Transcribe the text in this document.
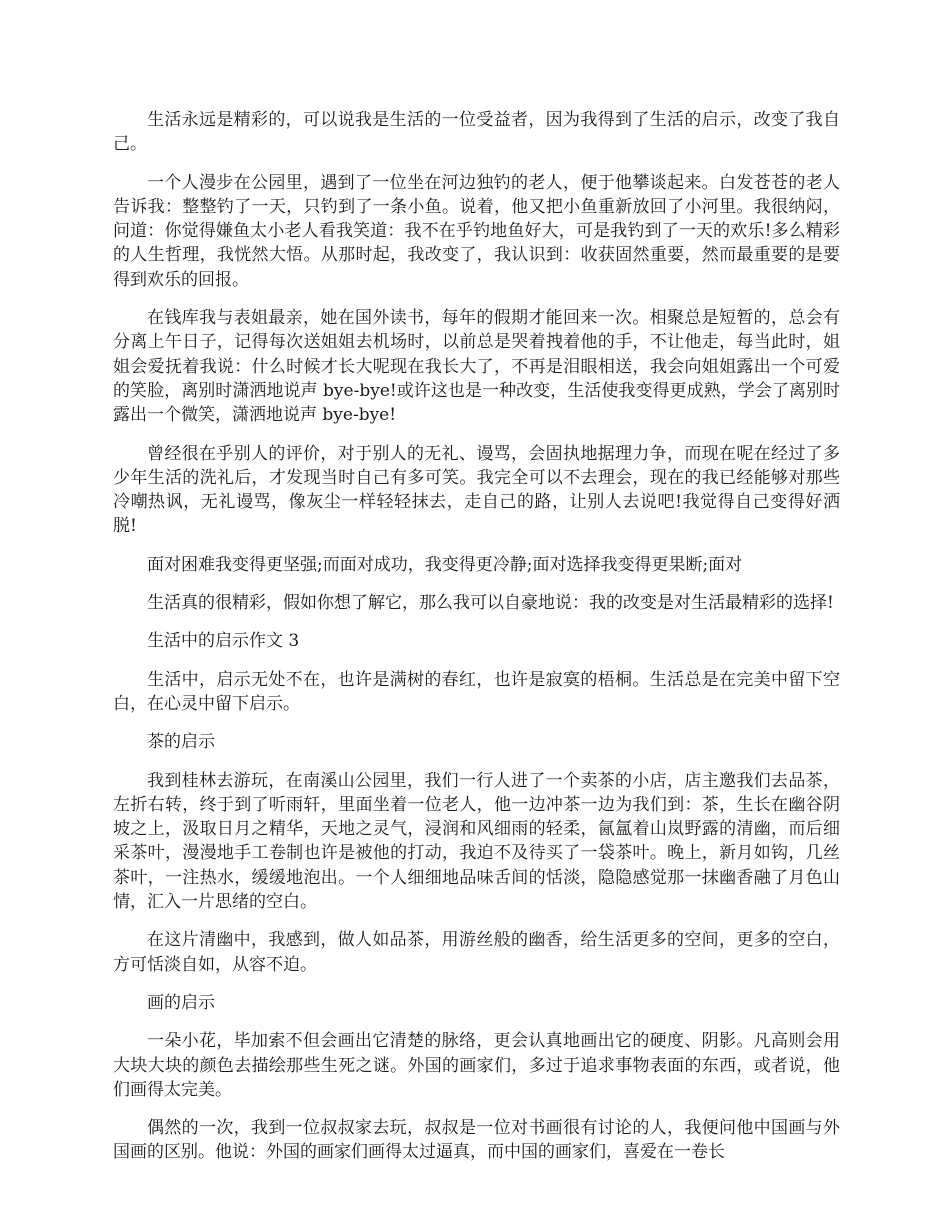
生活永远是精彩的，可以说我是生活的一位受益者，因为我得到了生活的启示，改变了我自己。

一个人漫步在公园里，遇到了一位坐在河边独钓的老人，便于他攀谈起来。白发苍苍的老人告诉我：整整钓了一天，只钓到了一条小鱼。说着，他又把小鱼重新放回了小河里。我很纳闷，问道：你觉得嫌鱼太小老人看我笑道：我不在乎钓地鱼好大，可是我钓到了一天的欢乐!多么精彩的人生哲理，我恍然大悟。从那时起，我改变了，我认识到：收获固然重要，然而最重要的是要得到欢乐的回报。

在钱库我与表姐最亲，她在国外读书，每年的假期才能回来一次。相聚总是短暂的，总会有分离上午日子，记得每次送姐姐去机场时，以前总是哭着拽着他的手，不让他走，每当此时，姐姐会爱抚着我说：什么时候才长大呢现在我长大了，不再是泪眼相送，我会向姐姐露出一个可爱的笑脸，离别时潇洒地说声 bye-bye!或许这也是一种改变，生活使我变得更成熟，学会了离别时露出一个微笑，潇洒地说声 bye-bye!

曾经很在乎别人的评价，对于别人的无礼、谩骂，会固执地据理力争，而现在呢在经过了多少年生活的洗礼后，才发现当时自己有多可笑。我完全可以不去理会，现在的我已经能够对那些冷嘲热讽，无礼谩骂，像灰尘一样轻轻抹去，走自己的路，让别人去说吧!我觉得自己变得好洒脱!

面对困难我变得更坚强;而面对成功，我变得更冷静;面对选择我变得更果断;面对

生活真的很精彩，假如你想了解它，那么我可以自豪地说：我的改变是对生活最精彩的选择!

生活中的启示作文 3

生活中，启示无处不在，也许是满树的春红，也许是寂寞的梧桐。生活总是在完美中留下空白，在心灵中留下启示。

茶的启示

我到桂林去游玩，在南溪山公园里，我们一行人进了一个卖茶的小店，店主邀我们去品茶，左折右转，终于到了听雨轩，里面坐着一位老人，他一边冲茶一边为我们到：茶，生长在幽谷阴坡之上，汲取日月之精华，天地之灵气，浸润和风细雨的轻柔，氤氲着山岚野露的清幽，而后细采茶叶，漫漫地手工卷制也许是被他的打动，我迫不及待买了一袋茶叶。晚上，新月如钩，几丝茶叶，一注热水，缓缓地泡出。一个人细细地品味舌间的恬淡，隐隐感觉那一抹幽香融了月色山情，汇入一片思绪的空白。

在这片清幽中，我感到，做人如品茶，用游丝般的幽香，给生活更多的空间，更多的空白，方可恬淡自如，从容不迫。

画的启示

一朵小花，毕加索不但会画出它清楚的脉络，更会认真地画出它的硬度、阴影。凡高则会用大块大块的颜色去描绘那些生死之谜。外国的画家们，多过于追求事物表面的东西，或者说，他们画得太完美。

偶然的一次，我到一位叔叔家去玩，叔叔是一位对书画很有讨论的人，我便问他中国画与外国画的区别。他说：外国的画家们画得太过逼真，而中国的画家们，喜爱在一卷长
